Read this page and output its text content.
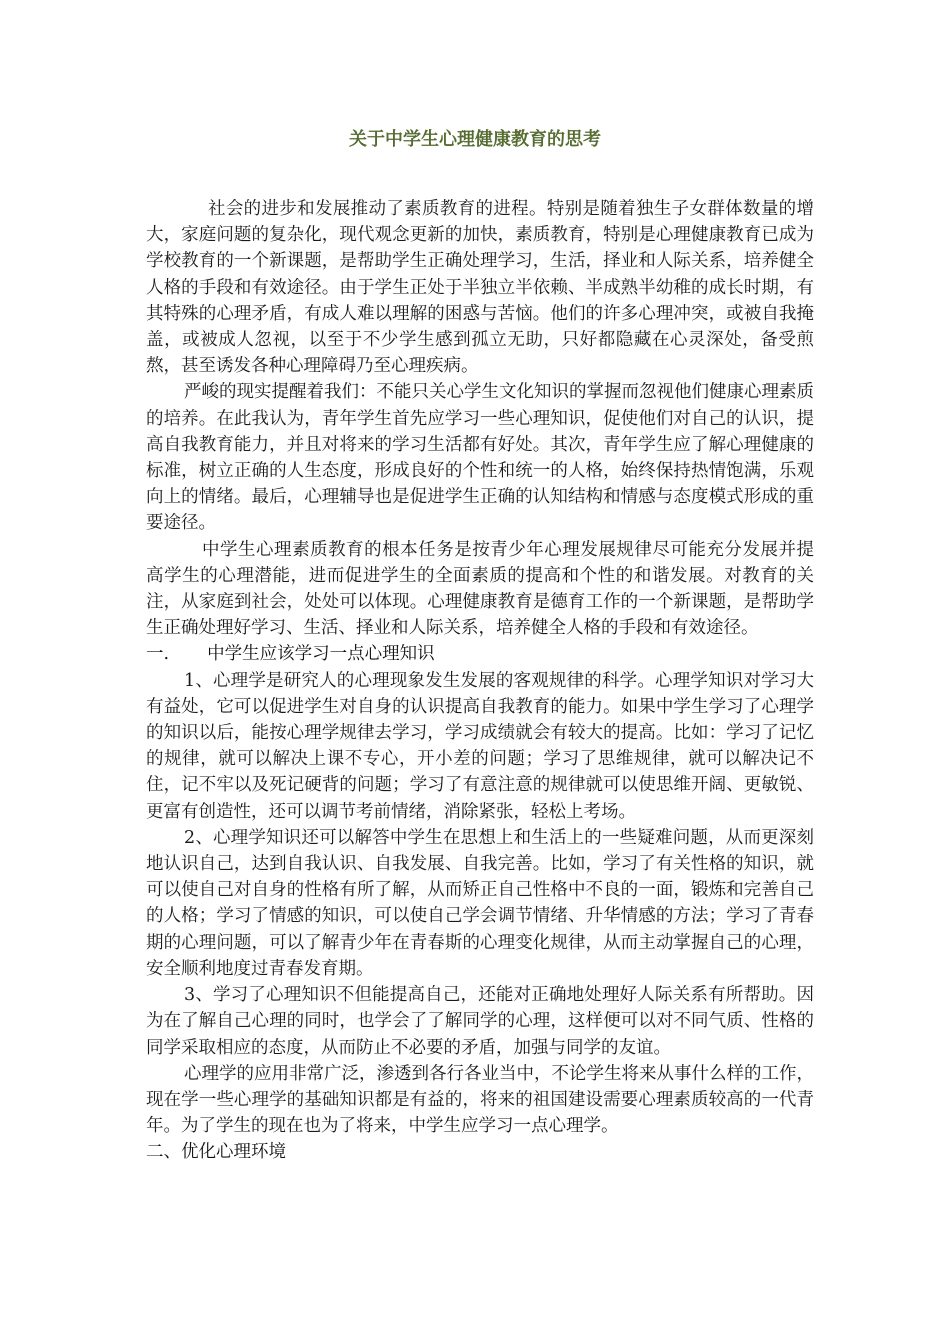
关于中学生心理健康教育的思考

社会的进步和发展推动了素质教育的进程。特别是随着独生子女群体数量的增大，家庭问题的复杂化，现代观念更新的加快，素质教育，特别是心理健康教育已成为学校教育的一个新课题，是帮助学生正确处理学习，生活，择业和人际关系，培养健全人格的手段和有效途径。由于学生正处于半独立半依赖、半成熟半幼稚的成长时期，有其特殊的心理矛盾，有成人难以理解的困惑与苦恼。他们的许多心理冲突，或被自我掩盖，或被成人忽视，以至于不少学生感到孤立无助，只好都隐藏在心灵深处，备受煎熬，甚至诱发各种心理障碍乃至心理疾病。

严峻的现实提醒着我们：不能只关心学生文化知识的掌握而忽视他们健康心理素质的培养。在此我认为，青年学生首先应学习一些心理知识，促使他们对自己的认识，提高自我教育能力，并且对将来的学习生活都有好处。其次，青年学生应了解心理健康的标准，树立正确的人生态度，形成良好的个性和统一的人格，始终保持热情饱满，乐观向上的情绪。最后，心理辅导也是促进学生正确的认知结构和情感与态度模式形成的重要途径。

中学生心理素质教育的根本任务是按青少年心理发展规律尽可能充分发展并提高学生的心理潜能，进而促进学生的全面素质的提高和个性的和谐发展。对教育的关注，从家庭到社会，处处可以体现。心理健康教育是德育工作的一个新课题，是帮助学生正确处理好学习、生活、择业和人际关系，培养健全人格的手段和有效途径。

一. 中学生应该学习一点心理知识

1、心理学是研究人的心理现象发生发展的客观规律的科学。心理学知识对学习大有益处，它可以促进学生对自身的认识提高自我教育的能力。如果中学生学习了心理学的知识以后，能按心理学规律去学习，学习成绩就会有较大的提高。比如：学习了记忆的规律，就可以解决上课不专心，开小差的问题；学习了思维规律，就可以解决记不住，记不牢以及死记硬背的问题；学习了有意注意的规律就可以使思维开阔、更敏锐、更富有创造性，还可以调节考前情绪，消除紧张，轻松上考场。

2、心理学知识还可以解答中学生在思想上和生活上的一些疑难问题，从而更深刻地认识自己，达到自我认识、自我发展、自我完善。比如，学习了有关性格的知识，就可以使自己对自身的性格有所了解，从而矫正自己性格中不良的一面，锻炼和完善自己的人格；学习了情感的知识，可以使自己学会调节情绪、升华情感的方法；学习了青春期的心理问题，可以了解青少年在青春斯的心理变化规律，从而主动掌握自己的心理，安全顺利地度过青春发育期。

3、学习了心理知识不但能提高自己，还能对正确地处理好人际关系有所帮助。因为在了解自己心理的同时，也学会了了解同学的心理，这样便可以对不同气质、性格的同学采取相应的态度，从而防止不必要的矛盾，加强与同学的友谊。

心理学的应用非常广泛，渗透到各行各业当中，不论学生将来从事什么样的工作，现在学一些心理学的基础知识都是有益的，将来的祖国建设需要心理素质较高的一代青年。为了学生的现在也为了将来，中学生应学习一点心理学。

二、优化心理环境
